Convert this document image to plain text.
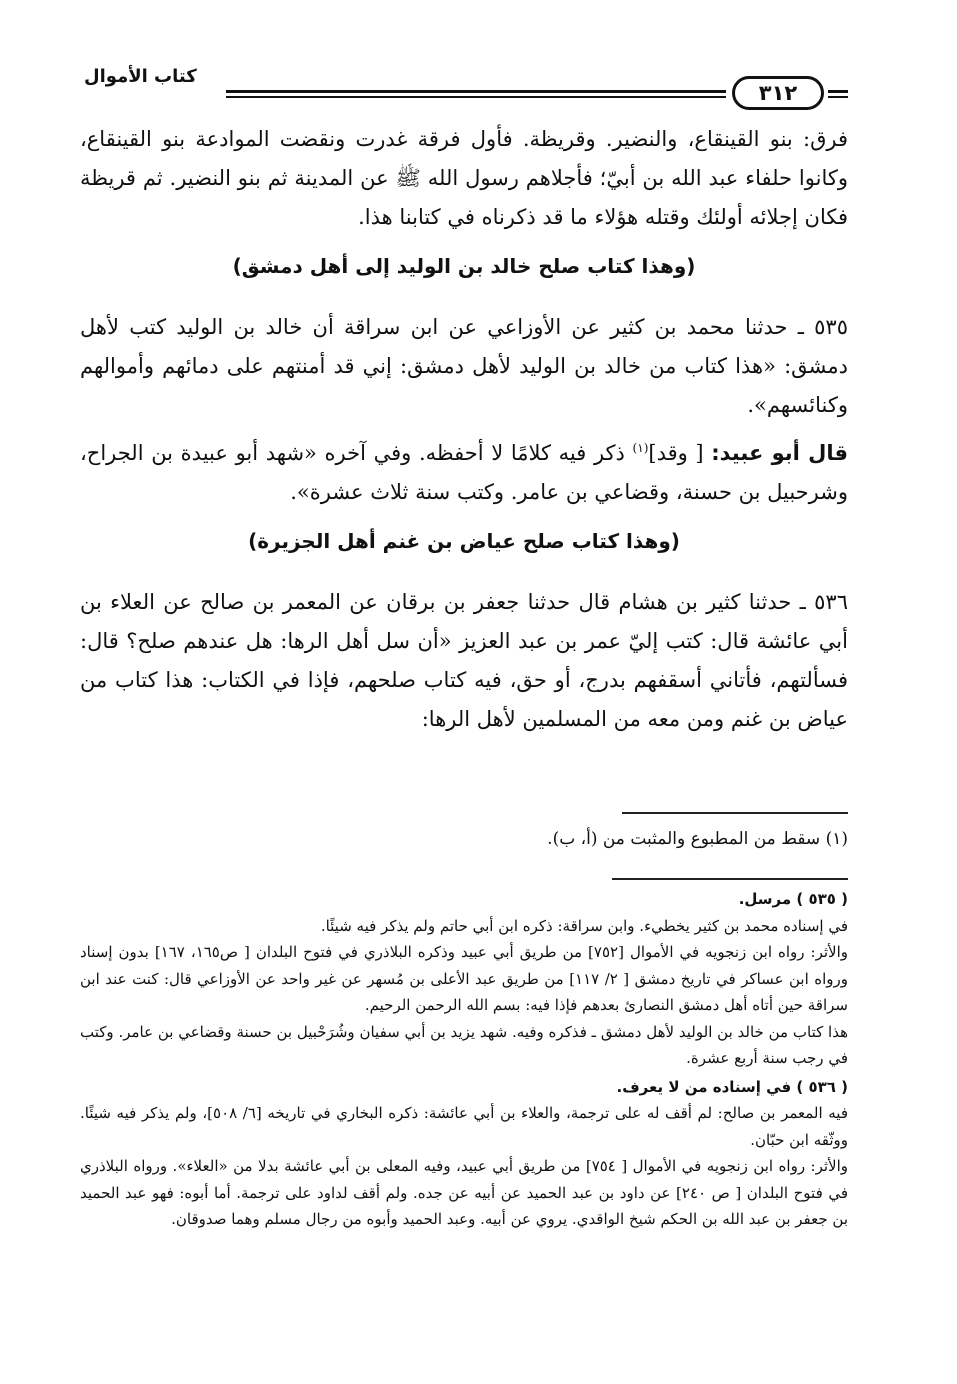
كتاب الأموال
٣١٢

فرق: بنو القينقاع، والنضير. وقريظة. فأول فرقة غدرت ونقضت الموادعة بنو القينقاع، وكانوا حلفاء عبد الله بن أبيّ؛ فأجلاهم رسول الله ﷺ عن المدينة ثم بنو النضير. ثم قريظة فكان إجلائه أولئك وقتله هؤلاء ما قد ذكرناه في كتابنا هذا.

(وهذا كتاب صلح خالد بن الوليد إلى أهل دمشق)

٥٣٥ ـ حدثنا محمد بن كثير عن الأوزاعي عن ابن سراقة أن خالد بن الوليد كتب لأهل دمشق: «هذا كتاب من خالد بن الوليد لأهل دمشق: إني قد أمنتهم على دمائهم وأموالهم وكنائسهم».

قال أبو عبيد: [ وقد]$^{(١)}$ ذكر فيه كلامًا لا أحفظه. وفي آخره «شهد أبو عبيدة بن الجراح، وشرحبيل بن حسنة، وقضاعي بن عامر. وكتب سنة ثلاث عشرة».

(وهذا كتاب صلح عياض بن غنم أهل الجزيرة)

٥٣٦ ـ حدثنا كثير بن هشام قال حدثنا جعفر بن برقان عن المعمر بن صالح عن العلاء بن أبي عائشة قال: كتب إليّ عمر بن عبد العزيز «أن سل أهل الرها: هل عندهم صلح؟ قال: فسألتهم، فأتاني أسقفهم بدرج، أو حق، فيه كتاب صلحهم، فإذا في الكتاب: هذا كتاب من عياض بن غنم ومن معه من المسلمين لأهل الرها:

(١) سقط من المطبوع والمثبت من (أ، ب).

( ٥٣٥ ) مرسل.

في إسناده محمد بن كثير يخطيء. وابن سراقة: ذكره ابن أبي حاتم ولم يذكر فيه شيئًا.

والأثر: رواه ابن زنجويه في الأموال [٧٥٢] من طريق أبي عبيد وذكره البلاذري في فتوح البلدان [ ص١٦٥، ١٦٧] بدون إسناد ورواه ابن عساكر في تاريخ دمشق [ ٢/ ١١٧] من طريق عبد الأعلى بن مُسهر عن غير واحد عن الأوزاعي قال: كنت عند ابن سراقة حين أتاه أهل دمشق النصارئ بعدهم فإذا فيه: بسم الله الرحمن الرحيم.

هذا كتاب من خالد بن الوليد لأهل دمشق ـ فذكره وفيه. شهد يزيد بن أبي سفيان وشُرَحْبيل بن حسنة وقضاعي بن عامر. وكتب في رجب سنة أربع عشرة.

( ٥٣٦ ) في إسناده من لا يعرف.

فيه المعمر بن صالح: لم أقف له على ترجمة، والعلاء بن أبي عائشة: ذكره البخاري في تاريخه [٦/ ٥٠٨]، ولم يذكر فيه شيئًا. ووثّقه ابن حبّان.

والأثر: رواه ابن زنجويه في الأموال [ ٧٥٤] من طريق أبي عبيد، وفيه المعلى بن أبي عائشة بدلا من «العلاء». ورواه البلاذري في فتوح البلدان [ ص ٢٤٠] عن داود بن عبد الحميد عن أبيه عن جده. ولم أقف لداود على ترجمة. أما أبوه: فهو عبد الحميد بن جعفر بن عبد الله بن الحكم شيخ الواقدي. يروي عن أبيه. وعبد الحميد وأبوه من رجال مسلم وهما صدوقان.
